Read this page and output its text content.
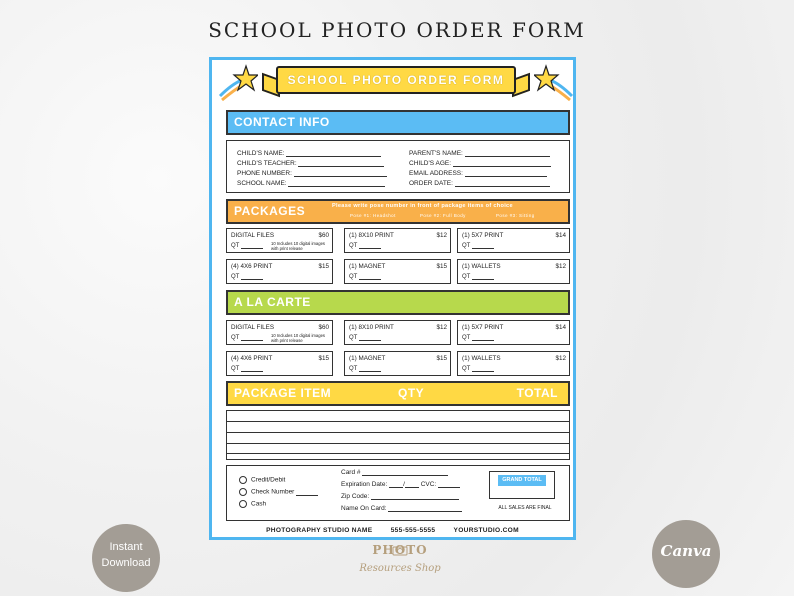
SCHOOL PHOTO ORDER FORM
SCHOOL PHOTO ORDER FORM
CONTACT INFO
CHILD'S NAME:
CHILD'S TEACHER:
PHONE NUMBER:
SCHOOL NAME:
PARENT'S NAME:
CHILD'S AGE:
EMAIL ADDRESS:
ORDER DATE:
PACKAGES	Please write pose number in front of package items of choice
Pose #1: Headshot	Pose #2: Full Body	Pose #3: Sitting
DIGITAL FILES	$60
QT	10 Includes 10 digital images with print release
(1) 8X10 PRINT	$12
QT
(1) 5X7 PRINT	$14
QT
(4) 4X6 PRINT	$15
QT
(1) MAGNET	$15
QT
(1) WALLETS	$12
QT
A LA CARTE
DIGITAL FILES	$60
QT	10 Includes 10 digital images with print release
(1) 8X10 PRINT	$12
QT
(1) 5X7 PRINT	$14
QT
(4) 4X6 PRINT	$15
QT
(1) MAGNET	$15
QT
(1) WALLETS	$12
QT
PACKAGE ITEM	QTY	TOTAL
Credit/Debit
Check Number
Cash
Card #
Expiration Date: / CVC:
Zip Code:
Name On Card:
GRAND TOTAL
ALL SALES ARE FINAL
PHOTOGRAPHY STUDIO NAME	555-555-5555	YOURSTUDIO.COM
Instant
Download
Canva
PHOTO
Resources Shop
